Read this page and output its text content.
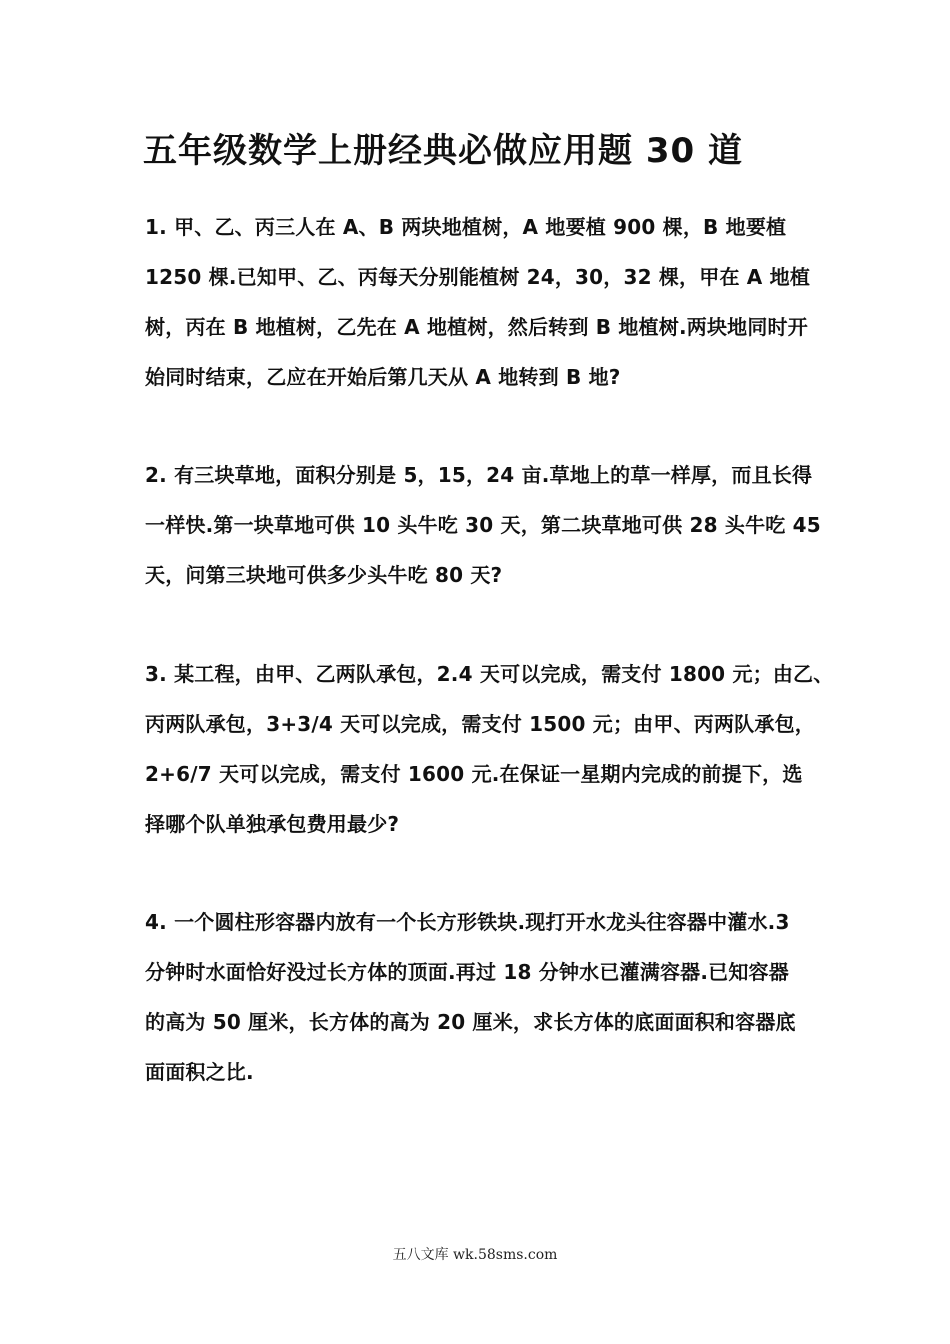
五年级数学上册经典必做应用题 30 道
1. 甲、乙、丙三人在 A、B 两块地植树，A 地要植 900 棵，B 地要植
1250 棵.已知甲、乙、丙每天分别能植树 24，30，32 棵，甲在 A 地植
树，丙在 B 地植树，乙先在 A 地植树，然后转到 B 地植树.两块地同时开
始同时结束，乙应在开始后第几天从 A 地转到 B 地?
2. 有三块草地，面积分别是 5，15，24 亩.草地上的草一样厚，而且长得
一样快.第一块草地可供 10 头牛吃 30 天，第二块草地可供 28 头牛吃 45
天，问第三块地可供多少头牛吃 80 天?
3. 某工程，由甲、乙两队承包，2.4 天可以完成，需支付 1800 元；由乙、
丙两队承包，3+3/4 天可以完成，需支付 1500 元；由甲、丙两队承包，
2+6/7 天可以完成，需支付 1600 元.在保证一星期内完成的前提下，选
择哪个队单独承包费用最少?
4. 一个圆柱形容器内放有一个长方形铁块.现打开水龙头往容器中灌水.3
分钟时水面恰好没过长方体的顶面.再过 18 分钟水已灌满容器.已知容器
的高为 50 厘米，长方体的高为 20 厘米，求长方体的底面面积和容器底
面面积之比.
五八文库 wk.58sms.com
